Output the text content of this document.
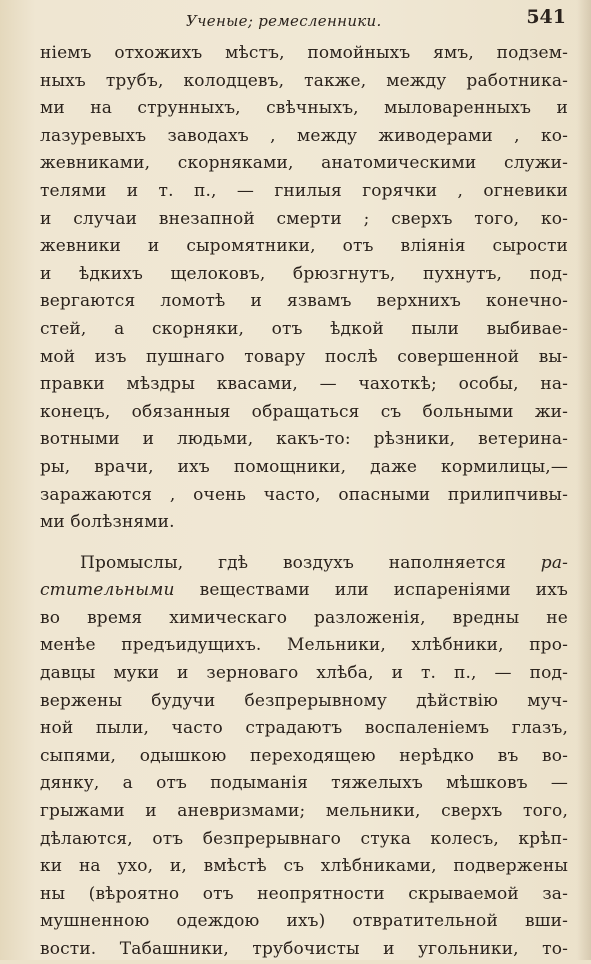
Ученые; ремесленники.	541
нiемъ отхожихъ мѣстъ, помойныхъ ямъ, подзем-
ныхъ трубъ, колодцевъ, также, между работника-
ми на струнныхъ, свѣчныхъ, мыловаренныхъ и
лазуревыхъ заводахъ , между живодерами , ко-
жевниками, скорняками, анатомическими служи-
телями и т. п., — гнилыя горячки , огневики
и случаи внезапной смерти ; сверхъ того, ко-
жевники и сыромятники, отъ влiянiя сырости
и ѣдкихъ щелоковъ, брюзгнутъ, пухнутъ, под-
вергаются ломотѣ и язвамъ верхнихъ конечно-
стей, а скорняки, отъ ѣдкой пыли выбивае-
мой изъ пушнаго товару послѣ совершенной вы-
правки мѣздры квасами, — чахоткѣ; особы, на-
конецъ, обязанныя обращаться съ больными жи-
вотными и людьми, какъ-то: рѣзники, ветерина-
ры, врачи, ихъ помощники, даже кормилицы,—
заражаются , очень часто, опасными прилипчивы-
ми болѣзнями.
Промыслы, гдѣ воздухъ наполняется ра-
стительными веществами или испаренiями ихъ
во время химическаго разложенiя, вредны не
менѣе предъидущихъ. Мельники, хлѣбники, про-
давцы муки и зерноваго хлѣба, и т. п., — под-
вержены будучи безпрерывному дѣйствiю муч-
ной пыли, часто страдаютъ воспаленiемъ глазъ,
сыпями, одышкою переходящею нерѣдко въ во-
дянку, а отъ подыманiя тяжелыхъ мѣшковъ —
грыжами и аневризмами; мельники, сверхъ того,
дѣлаются, отъ безпрерывнаго стука колесъ, крѣп-
ки на ухо, и, вмѣстѣ съ хлѣбниками, подвержены
ны (вѣроятно отъ неопрятности скрываемой за-
мушненною одеждою ихъ) отвратительной вши-
вости. Табашники, трубочисты и угольники, то-
